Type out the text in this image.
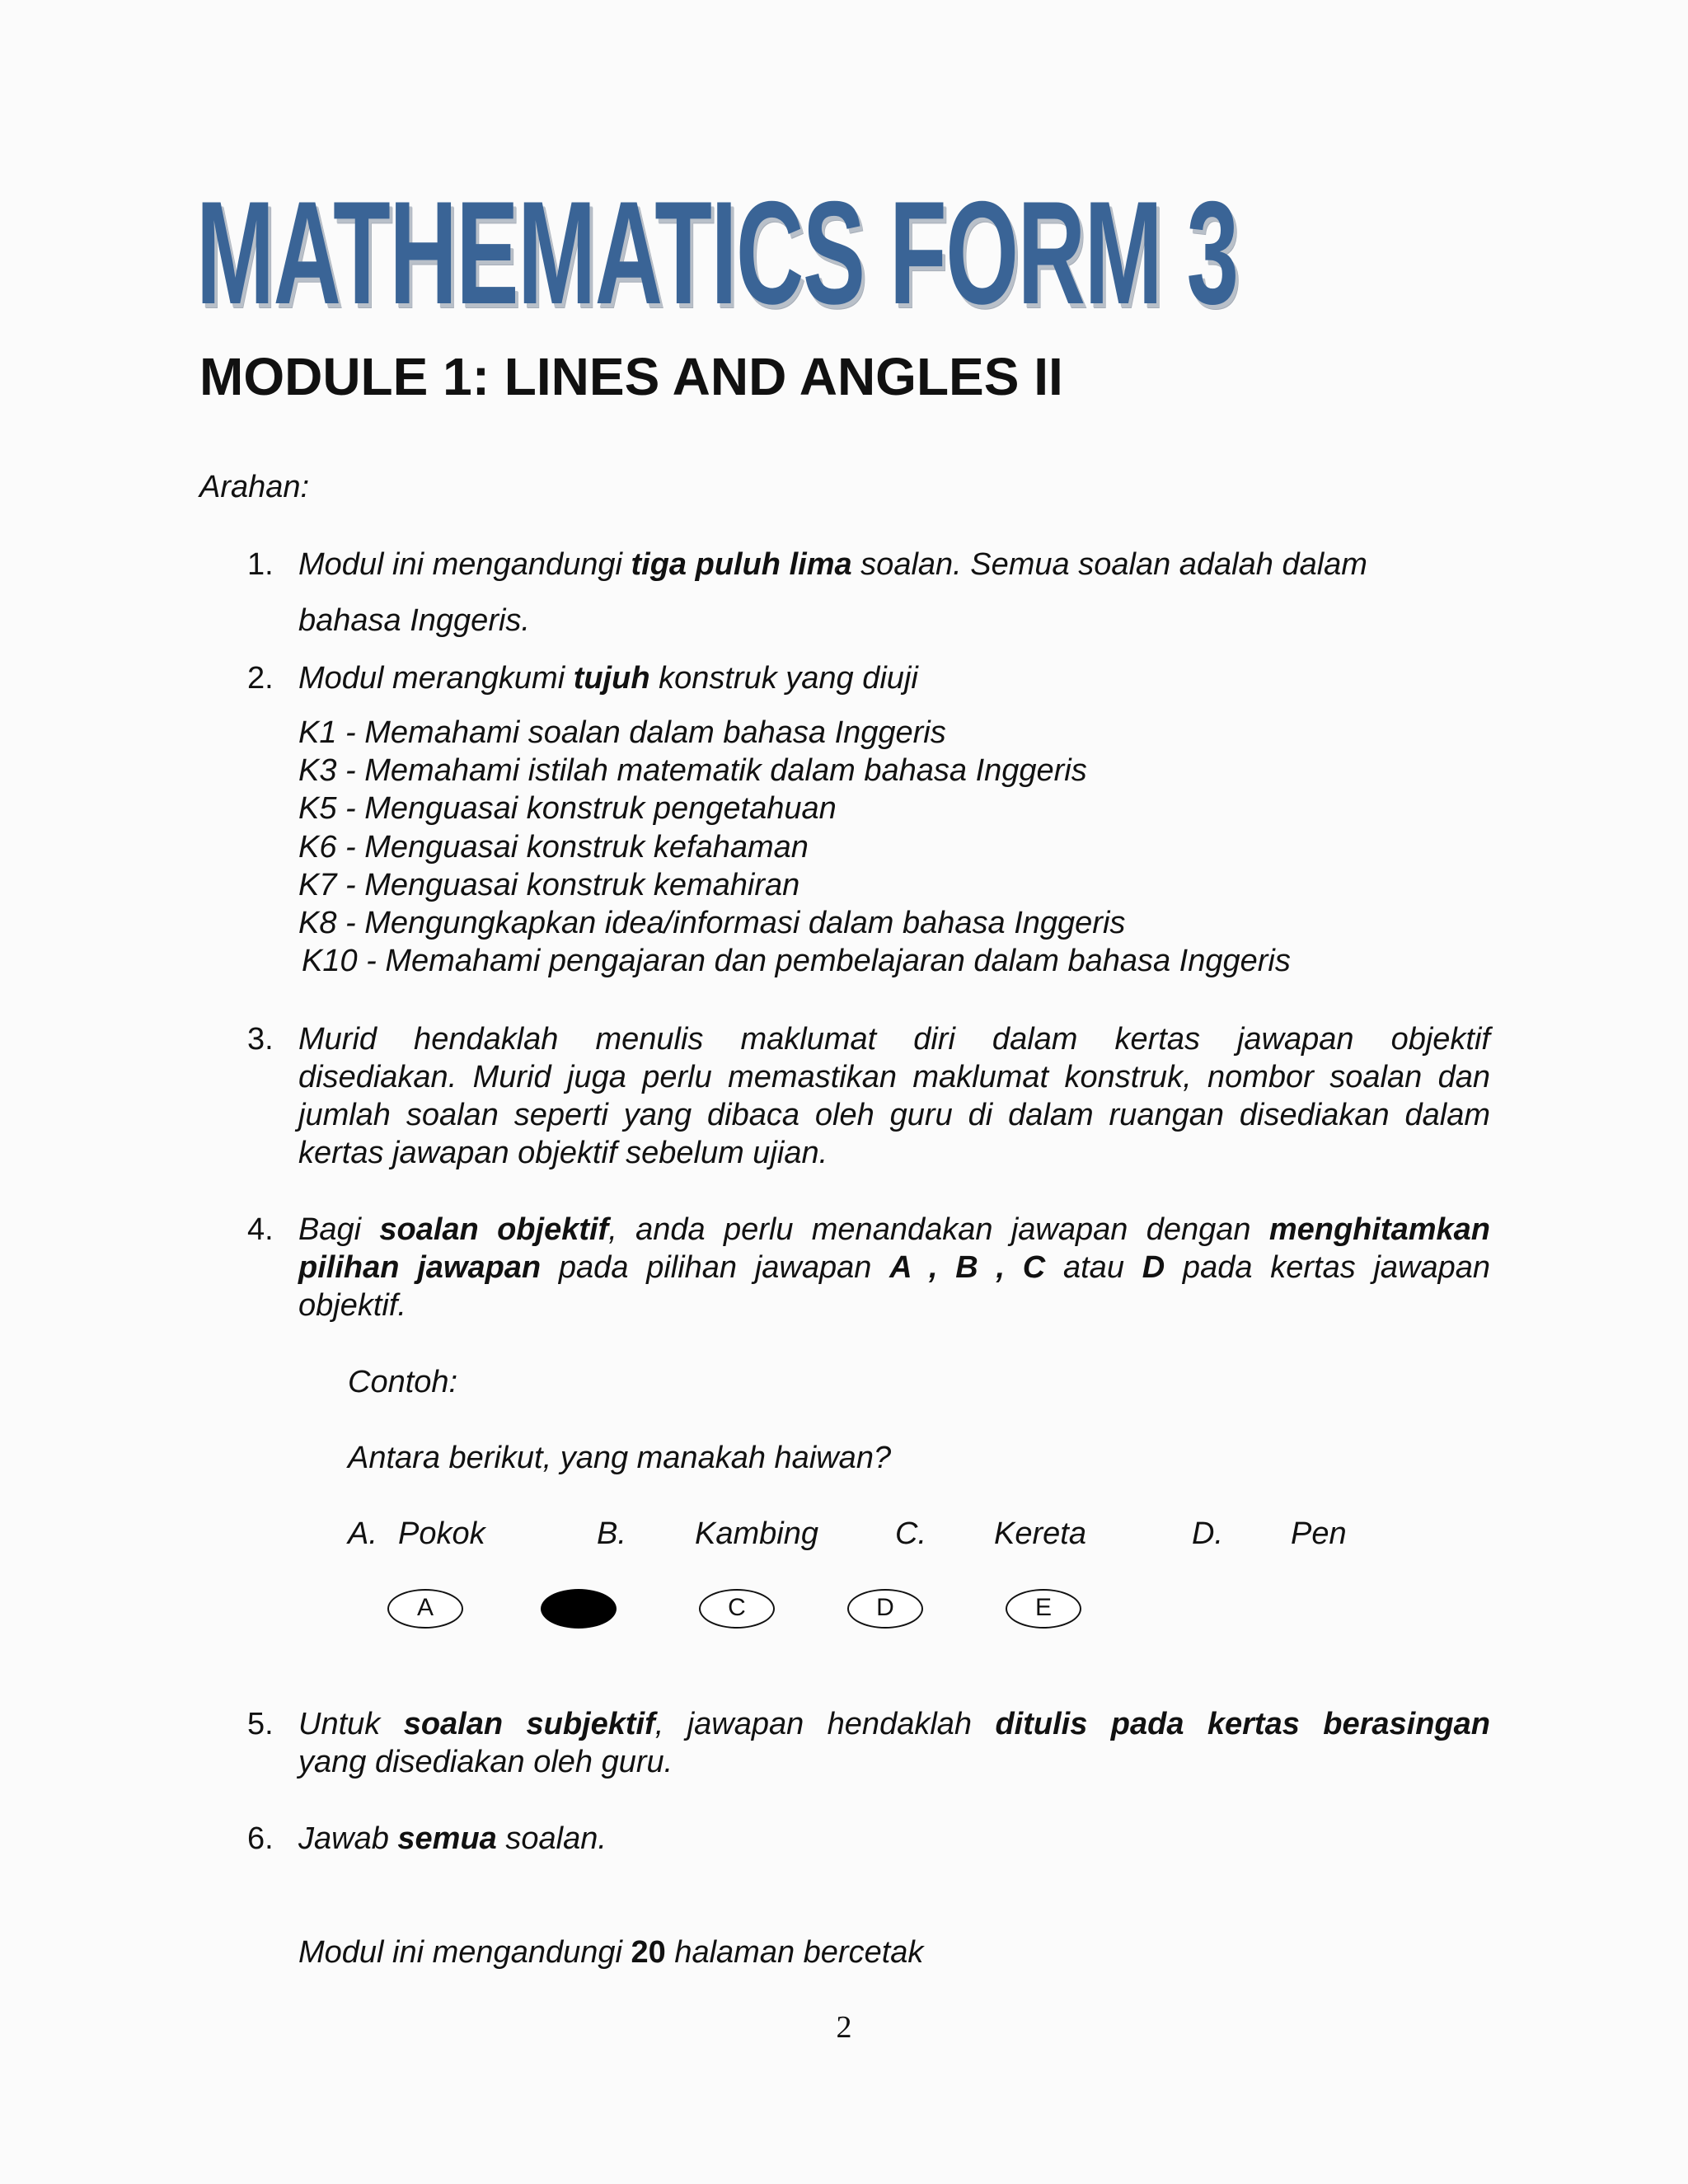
MATHEMATICS FORM 3
MODULE 1: LINES AND ANGLES II
Arahan:
1. Modul ini mengandungi tiga puluh lima soalan. Semua soalan adalah dalam
bahasa Inggeris.
2. Modul merangkumi tujuh konstruk yang diuji
K1 - Memahami soalan dalam bahasa Inggeris
K3 - Memahami istilah matematik dalam bahasa Inggeris
K5 - Menguasai konstruk pengetahuan
K6 - Menguasai konstruk kefahaman
K7 - Menguasai konstruk kemahiran
K8 - Mengungkapkan idea/informasi dalam bahasa Inggeris
K10 - Memahami pengajaran dan pembelajaran dalam bahasa Inggeris
3. Murid hendaklah menulis maklumat diri dalam kertas jawapan objektif
disediakan. Murid juga perlu memastikan maklumat konstruk, nombor soalan dan
jumlah soalan seperti yang dibaca oleh guru di dalam ruangan disediakan dalam
kertas jawapan objektif sebelum ujian.
4. Bagi soalan objektif, anda perlu menandakan jawapan dengan menghitamkan
pilihan jawapan pada pilihan jawapan A , B , C atau D pada kertas jawapan
objektif.
Contoh:
Antara berikut, yang manakah haiwan?
A. Pokok	B. Kambing C. Kereta	D. Pen
A	C	D	E
5. Untuk soalan subjektif, jawapan hendaklah ditulis pada kertas berasingan
yang disediakan oleh guru.
6. Jawab semua soalan.
Modul ini mengandungi 20 halaman bercetak
2
